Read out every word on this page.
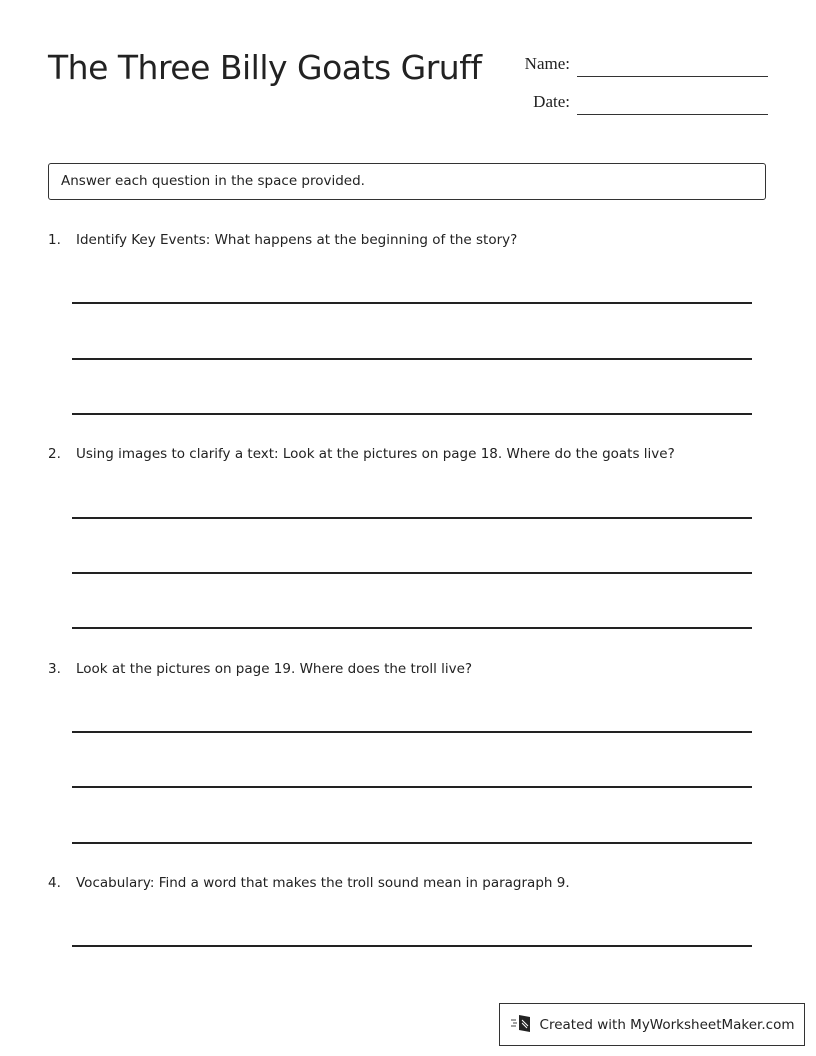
The Three Billy Goats Gruff	Name:
Date:
Answer each question in the space provided.
1. Identify Key Events: What happens at the beginning of the story?
2. Using images to clarify a text: Look at the pictures on page 18. Where do the goats live?
3. Look at the pictures on page 19. Where does the troll live?
4. Vocabulary: Find a word that makes the troll sound mean in paragraph 9.
Created with MyWorksheetMaker.com
